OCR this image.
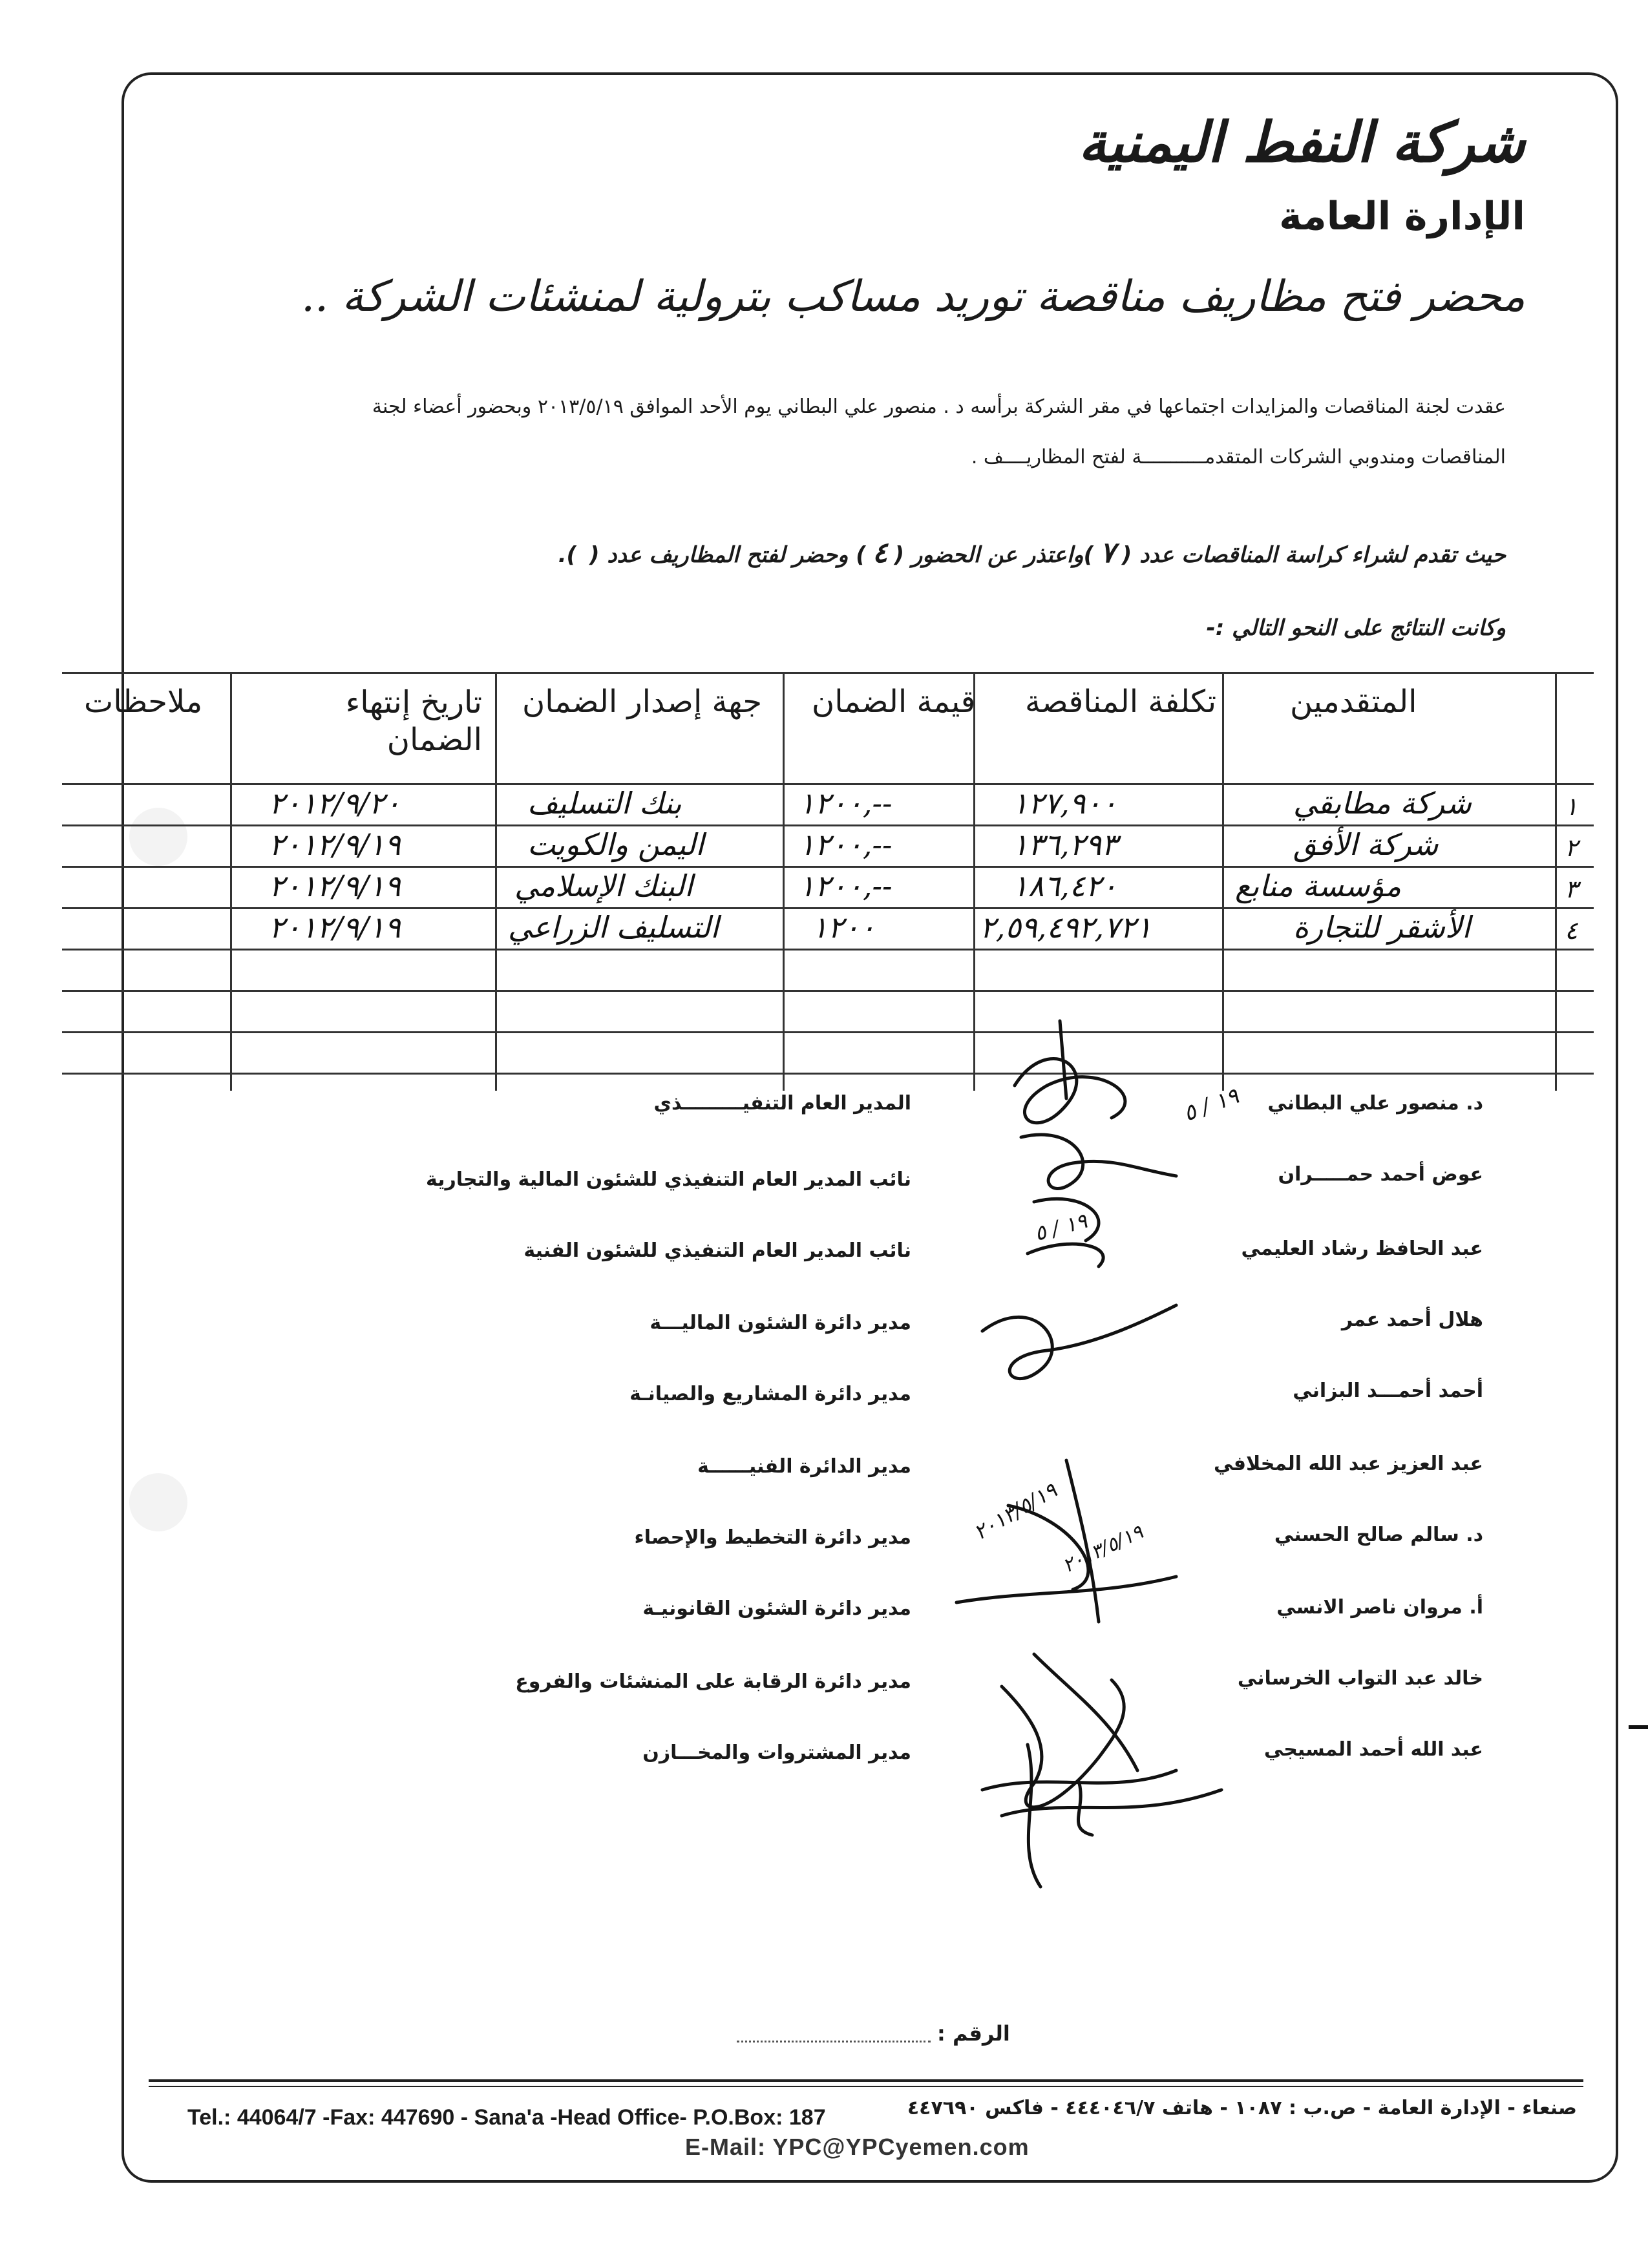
شركة النفط اليمنية
الإدارة العامة
محضر فتح مظاريف مناقصة توريد مساكب بترولية لمنشئات الشركة ..
عقدت لجنة المناقصات والمزايدات اجتماعها في مقر الشركة برأسه د . منصور علي البطاني يوم الأحد الموافق ٢٠١٣/٥/١٩ وبحضور أعضاء لجنة
المناقصات ومندوبي الشركات المتقدمـــــــــــة لفتح المظاريــــف .
حيث تقدم لشراء كراسة المناقصات عدد (٧)واعتذر عن الحضور (٤) وحضر لفتح المظاريف عدد ().
وكانت النتائج على النحو التالي :-
المتقدمين
تكلفة المناقصة
قيمة الضمان
جهة إصدار الضمان
تاريخ إنتهاء الضمان
ملاحظات
١
شركة مطابقي
١٢٧,٩٠٠
١٢٠٠,--
بنك التسليف
٢٠١٢/٩/٢٠
٢
شركة الأفق
١٣٦,٢٩٣
١٢٠٠,--
اليمن والكويت
٢٠١٢/٩/١٩
٣
مؤسسة منابع
١٨٦,٤٢٠
١٢٠٠,--
البنك الإسلامي
٢٠١٢/٩/١٩
٤
الأشقر للتجارة
٢,٥٩,٤٩٢,٧٢١
١٢٠٠
التسليف الزراعي
٢٠١٢/٩/١٩
د. منصور علي البطاني
المدير العام التنفيـــــــــذي
عوض أحمد حمـــــران
نائب المدير العام التنفيذي للشئون المالية والتجارية
عبد الحافظ رشاد العليمي
نائب المدير العام التنفيذي للشئون الفنية
هلال أحمد عمر
مدير دائرة الشئون الماليـــة
أحمد أحمـــد البزاني
مدير دائرة المشاريع والصيانـة
عبد العزيز عبد الله المخلافي
مدير الدائرة الفنيــــــة
د. سالم صالح الحسني
مدير دائرة التخطيط والإحصاء
أ. مروان ناصر الانسي
مدير دائرة الشئون القانونيـة
خالد عبد التواب الخرساني
مدير دائرة الرقابة على المنشئات والفروع
عبد الله أحمد المسيجي
مدير المشتروات والمخـــازن
١٩ / ٥
١٩ / ٥
٢٠١٣/٥/١٩
٢٠١٣/٥/١٩
الرقم :
Tel.: 44064/7 -Fax: 447690 - Sana'a -Head Office- P.O.Box: 187	صنعاء - الإدارة العامة - ص.ب : ١٠٨٧ - هاتف ٤٤٤٠٤٦/٧ - فاكس ٤٤٧٦٩٠
E-Mail: YPC@YPCyemen.com
